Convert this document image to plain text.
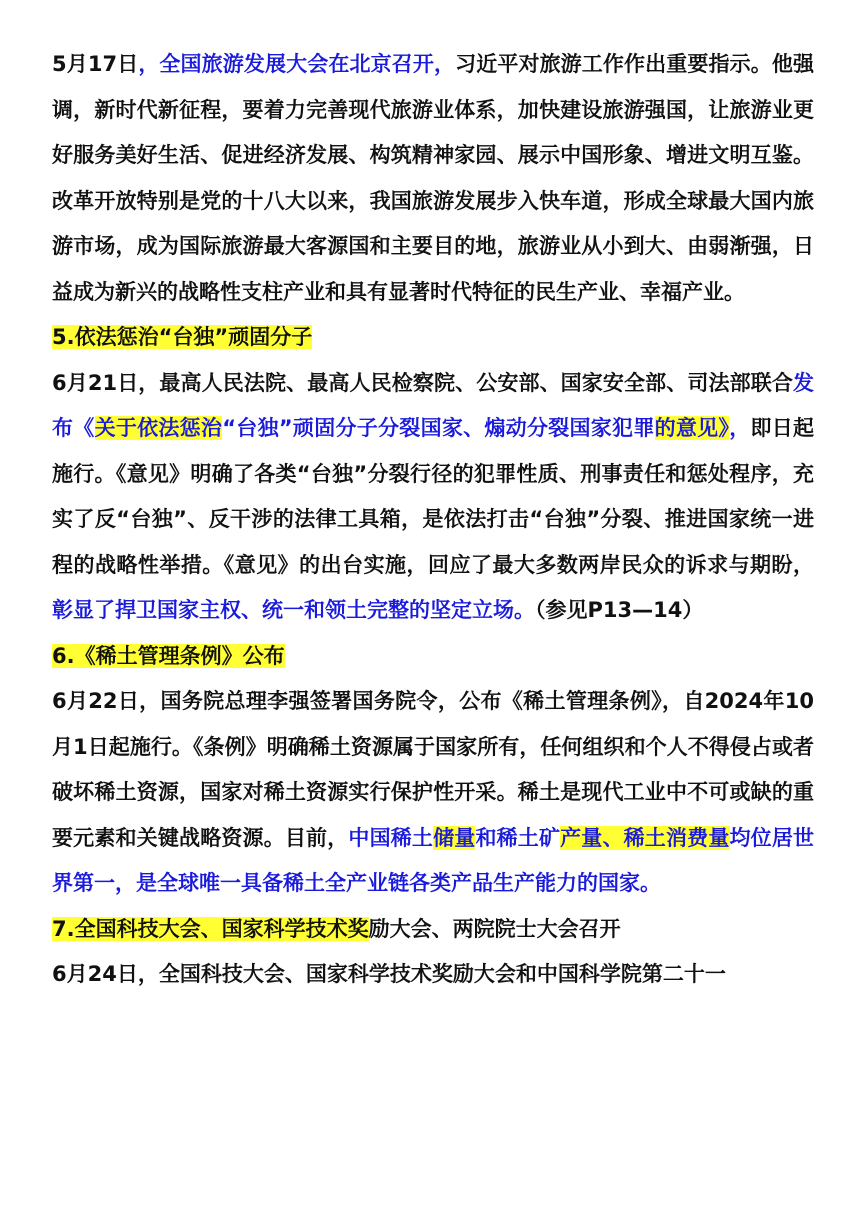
5月17日，全国旅游发展大会在北京召开，习近平对旅游工作作出重要指示。他强调，新时代新征程，要着力完善现代旅游业体系，加快建设旅游强国，让旅游业更好服务美好生活、促进经济发展、构筑精神家园、展示中国形象、增进文明互鉴。改革开放特别是党的十八大以来，我国旅游发展步入快车道，形成全球最大国内旅游市场，成为国际旅游最大客源国和主要目的地，旅游业从小到大、由弱渐强，日益成为新兴的战略性支柱产业和具有显著时代特征的民生产业、幸福产业。

5.依法惩治“台独”顽固分子

6月21日，最高人民法院、最高人民检察院、公安部、国家安全部、司法部联合发布《关于依法惩治“台独”顽固分子分裂国家、煽动分裂国家犯罪的意见》，即日起施行。《意见》明确了各类“台独”分裂行径的犯罪性质、刑事责任和惩处程序，充实了反“台独”、反干涉的法律工具箱，是依法打击“台独”分裂、推进国家统一进程的战略性举措。《意见》的出台实施，回应了最大多数两岸民众的诉求与期盼，彰显了捍卫国家主权、统一和领土完整的坚定立场。（参见P13—14）

6.《稀土管理条例》公布

6月22日，国务院总理李强签署国务院令，公布《稀土管理条例》，自2024年10月1日起施行。《条例》明确稀土资源属于国家所有，任何组织和个人不得侵占或者破坏稀土资源，国家对稀土资源实行保护性开采。稀土是现代工业中不可或缺的重要元素和关键战略资源。目前，中国稀土储量和稀土矿产量、稀土消费量均位居世界第一，是全球唯一具备稀土全产业链各类产品生产能力的国家。

7.全国科技大会、国家科学技术奖励大会、两院院士大会召开

6月24日，全国科技大会、国家科学技术奖励大会和中国科学院第二十一
